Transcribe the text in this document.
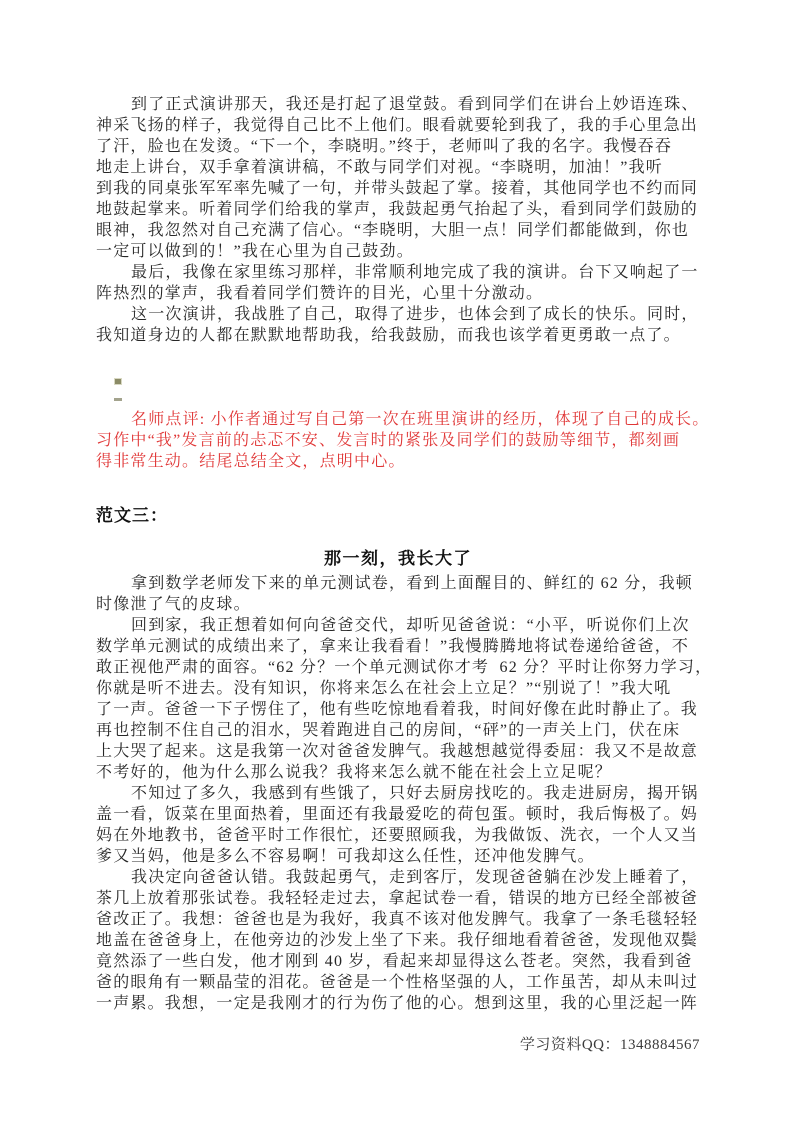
到了正式演讲那天，我还是打起了退堂鼓。看到同学们在讲台上妙语连珠、
神采飞扬的样子，我觉得自己比不上他们。眼看就要轮到我了，我的手心里急出
了汗，脸也在发烫。“下一个，李晓明。”终于，老师叫了我的名字。我慢吞吞
地走上讲台，双手拿着演讲稿，不敢与同学们对视。“李晓明，加油！”我听
到我的同桌张军军率先喊了一句，并带头鼓起了掌。接着，其他同学也不约而同
地鼓起掌来。听着同学们给我的掌声，我鼓起勇气抬起了头，看到同学们鼓励的
眼神，我忽然对自己充满了信心。“李晓明，大胆一点！同学们都能做到，你也
一定可以做到的！”我在心里为自己鼓劲。
最后，我像在家里练习那样，非常顺利地完成了我的演讲。台下又响起了一
阵热烈的掌声，我看着同学们赞许的目光，心里十分激动。
这一次演讲，我战胜了自己，取得了进步，也体会到了成长的快乐。同时，
我知道身边的人都在默默地帮助我，给我鼓励，而我也该学着更勇敢一点了。
名师点评: 小作者通过写自己第一次在班里演讲的经历，体现了自己的成长。
习作中“我”发言前的忐忑不安、发言时的紧张及同学们的鼓励等细节，都刻画
得非常生动。结尾总结全文，点明中心。
范文三：
那一刻，我长大了
拿到数学老师发下来的单元测试卷，看到上面醒目的、鲜红的 62 分，我顿
时像泄了气的皮球。
回到家，我正想着如何向爸爸交代，却听见爸爸说：“小平，听说你们上次
数学单元测试的成绩出来了，拿来让我看看！”我慢腾腾地将试卷递给爸爸，不
敢正视他严肃的面容。“62 分？一个单元测试你才考  62 分？平时让你努力学习，
你就是听不进去。没有知识，你将来怎么在社会上立足？”“别说了！”我大吼
了一声。爸爸一下子愣住了，他有些吃惊地看着我，时间好像在此时静止了。我
再也控制不住自己的泪水，哭着跑进自己的房间，“砰”的一声关上门，伏在床
上大哭了起来。这是我第一次对爸爸发脾气。我越想越觉得委屈：我又不是故意
不考好的，他为什么那么说我？我将来怎么就不能在社会上立足呢？
不知过了多久，我感到有些饿了，只好去厨房找吃的。我走进厨房，揭开锅
盖一看，饭菜在里面热着，里面还有我最爱吃的荷包蛋。顿时，我后悔极了。妈
妈在外地教书，爸爸平时工作很忙，还要照顾我，为我做饭、洗衣，一个人又当
爹又当妈，他是多么不容易啊！可我却这么任性，还冲他发脾气。
我决定向爸爸认错。我鼓起勇气，走到客厅，发现爸爸躺在沙发上睡着了，
茶几上放着那张试卷。我轻轻走过去，拿起试卷一看，错误的地方已经全部被爸
爸改正了。我想：爸爸也是为我好，我真不该对他发脾气。我拿了一条毛毯轻轻
地盖在爸爸身上，在他旁边的沙发上坐了下来。我仔细地看着爸爸，发现他双鬓
竟然添了一些白发，他才刚到 40 岁，看起来却显得这么苍老。突然，我看到爸
爸的眼角有一颗晶莹的泪花。爸爸是一个性格坚强的人，工作虽苦，却从未叫过
一声累。我想，一定是我刚才的行为伤了他的心。想到这里，我的心里泛起一阵
学习资料QQ：1348884567
